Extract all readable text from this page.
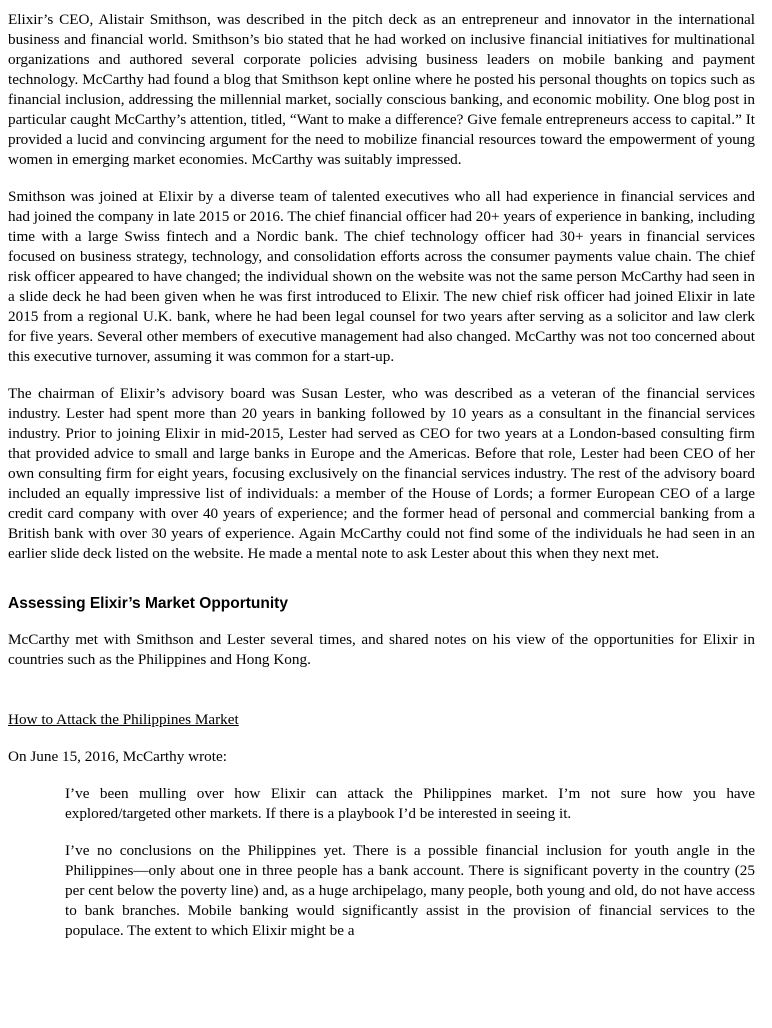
Elixir’s CEO, Alistair Smithson, was described in the pitch deck as an entrepreneur and innovator in the international business and financial world. Smithson’s bio stated that he had worked on inclusive financial initiatives for multinational organizations and authored several corporate policies advising business leaders on mobile banking and payment technology. McCarthy had found a blog that Smithson kept online where he posted his personal thoughts on topics such as financial inclusion, addressing the millennial market, socially conscious banking, and economic mobility. One blog post in particular caught McCarthy’s attention, titled, “Want to make a difference? Give female entrepreneurs access to capital.” It provided a lucid and convincing argument for the need to mobilize financial resources toward the empowerment of young women in emerging market economies. McCarthy was suitably impressed.

Smithson was joined at Elixir by a diverse team of talented executives who all had experience in financial services and had joined the company in late 2015 or 2016. The chief financial officer had 20+ years of experience in banking, including time with a large Swiss fintech and a Nordic bank. The chief technology officer had 30+ years in financial services focused on business strategy, technology, and consolidation efforts across the consumer payments value chain. The chief risk officer appeared to have changed; the individual shown on the website was not the same person McCarthy had seen in a slide deck he had been given when he was first introduced to Elixir. The new chief risk officer had joined Elixir in late 2015 from a regional U.K. bank, where he had been legal counsel for two years after serving as a solicitor and law clerk for five years. Several other members of executive management had also changed. McCarthy was not too concerned about this executive turnover, assuming it was common for a start-up.

The chairman of Elixir’s advisory board was Susan Lester, who was described as a veteran of the financial services industry. Lester had spent more than 20 years in banking followed by 10 years as a consultant in the financial services industry. Prior to joining Elixir in mid-2015, Lester had served as CEO for two years at a London-based consulting firm that provided advice to small and large banks in Europe and the Americas. Before that role, Lester had been CEO of her own consulting firm for eight years, focusing exclusively on the financial services industry. The rest of the advisory board included an equally impressive list of individuals: a member of the House of Lords; a former European CEO of a large credit card company with over 40 years of experience; and the former head of personal and commercial banking from a British bank with over 30 years of experience. Again McCarthy could not find some of the individuals he had seen in an earlier slide deck listed on the website. He made a mental note to ask Lester about this when they next met.

Assessing Elixir’s Market Opportunity

McCarthy met with Smithson and Lester several times, and shared notes on his view of the opportunities for Elixir in countries such as the Philippines and Hong Kong.

How to Attack the Philippines Market

On June 15, 2016, McCarthy wrote:

I’ve been mulling over how Elixir can attack the Philippines market. I’m not sure how you have explored/targeted other markets. If there is a playbook I’d be interested in seeing it.

I’ve no conclusions on the Philippines yet. There is a possible financial inclusion for youth angle in the Philippines—only about one in three people has a bank account. There is significant poverty in the country (25 per cent below the poverty line) and, as a huge archipelago, many people, both young and old, do not have access to bank branches. Mobile banking would significantly assist in the provision of financial services to the populace. The extent to which Elixir might be a
